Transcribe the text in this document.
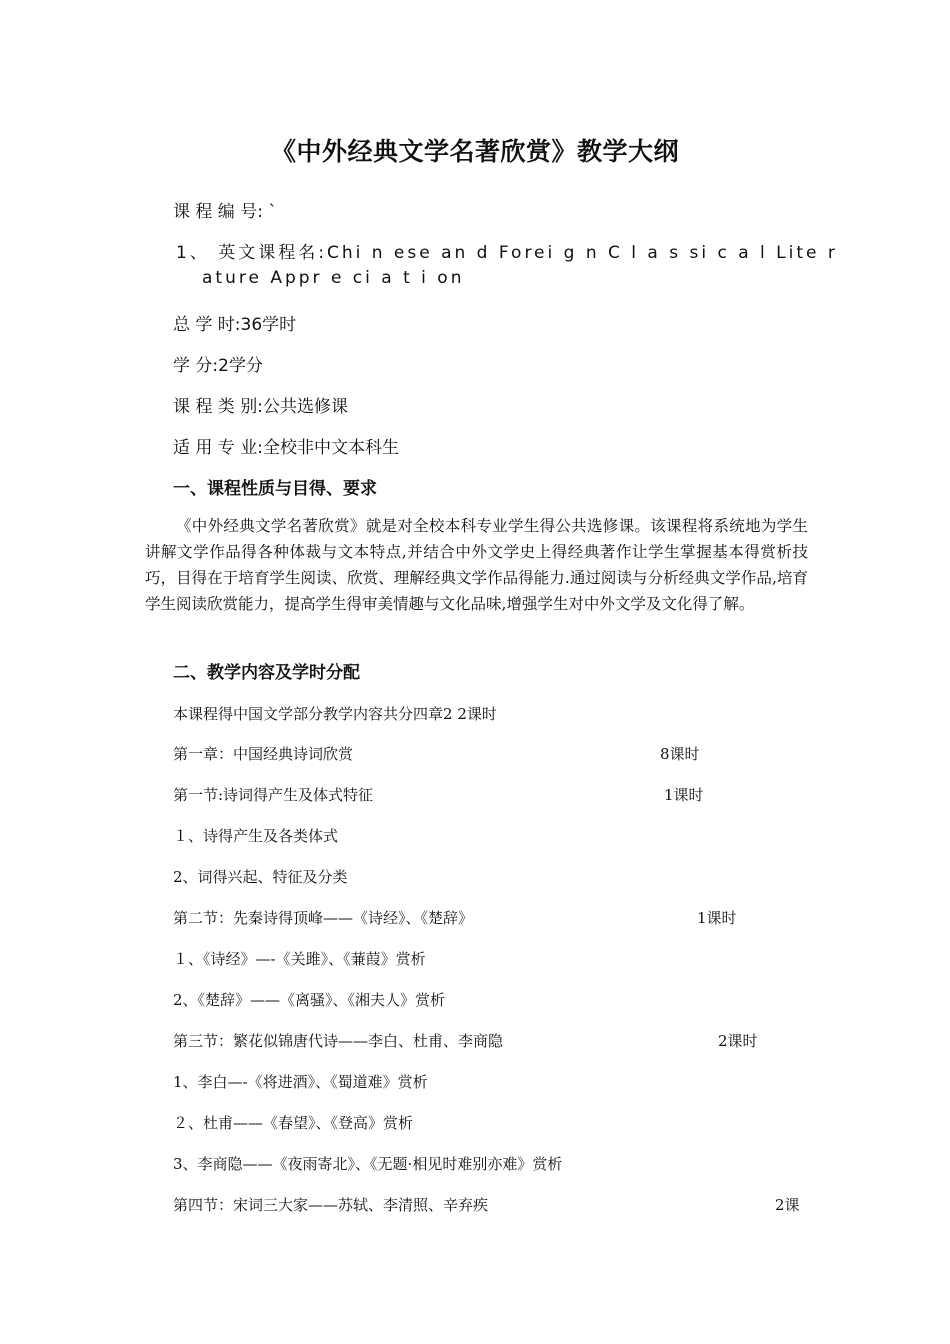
《中外经典文学名著欣赏》教学大纲
课 程 编 号: `
1、 英文课程名:Chi n ese an d Forei g n C l a s si c a l Lite r
ature Appr e ci a t i on
总 学 时:36学时
学 分:2学分
课 程 类 别:公共选修课
适 用 专 业:全校非中文本科生
一、课程性质与目得、要求
《中外经典文学名著欣赏》就是对全校本科专业学生得公共选修课。该课程将系统地为学生讲解文学作品得各种体裁与文本特点,并结合中外文学史上得经典著作让学生掌握基本得赏析技巧，目得在于培育学生阅读、欣赏、理解经典文学作品得能力.通过阅读与分析经典文学作品,培育学生阅读欣赏能力，提高学生得审美情趣与文化品味,增强学生对中外文学及文化得了解。
二、教学内容及学时分配
本课程得中国文学部分教学内容共分四章2 2课时
第一章：中国经典诗词欣赏	8课时
第一节:诗词得产生及体式特征	1课时
１、诗得产生及各类体式
2、词得兴起、特征及分类
第二节：先秦诗得顶峰——《诗经》、《楚辞》	1课时
１、《诗经》—-《关雎》、《蒹葭》赏析
2、《楚辞》——《离骚》、《湘夫人》赏析
第三节：繁花似锦唐代诗——李白、杜甫、李商隐	2课时
1、李白—-《将进酒》、《蜀道难》赏析
２、杜甫——《春望》、《登高》赏析
3、李商隐——《夜雨寄北》、《无题·相见时难别亦难》赏析
第四节：宋词三大家——苏轼、李清照、辛弃疾	2课
